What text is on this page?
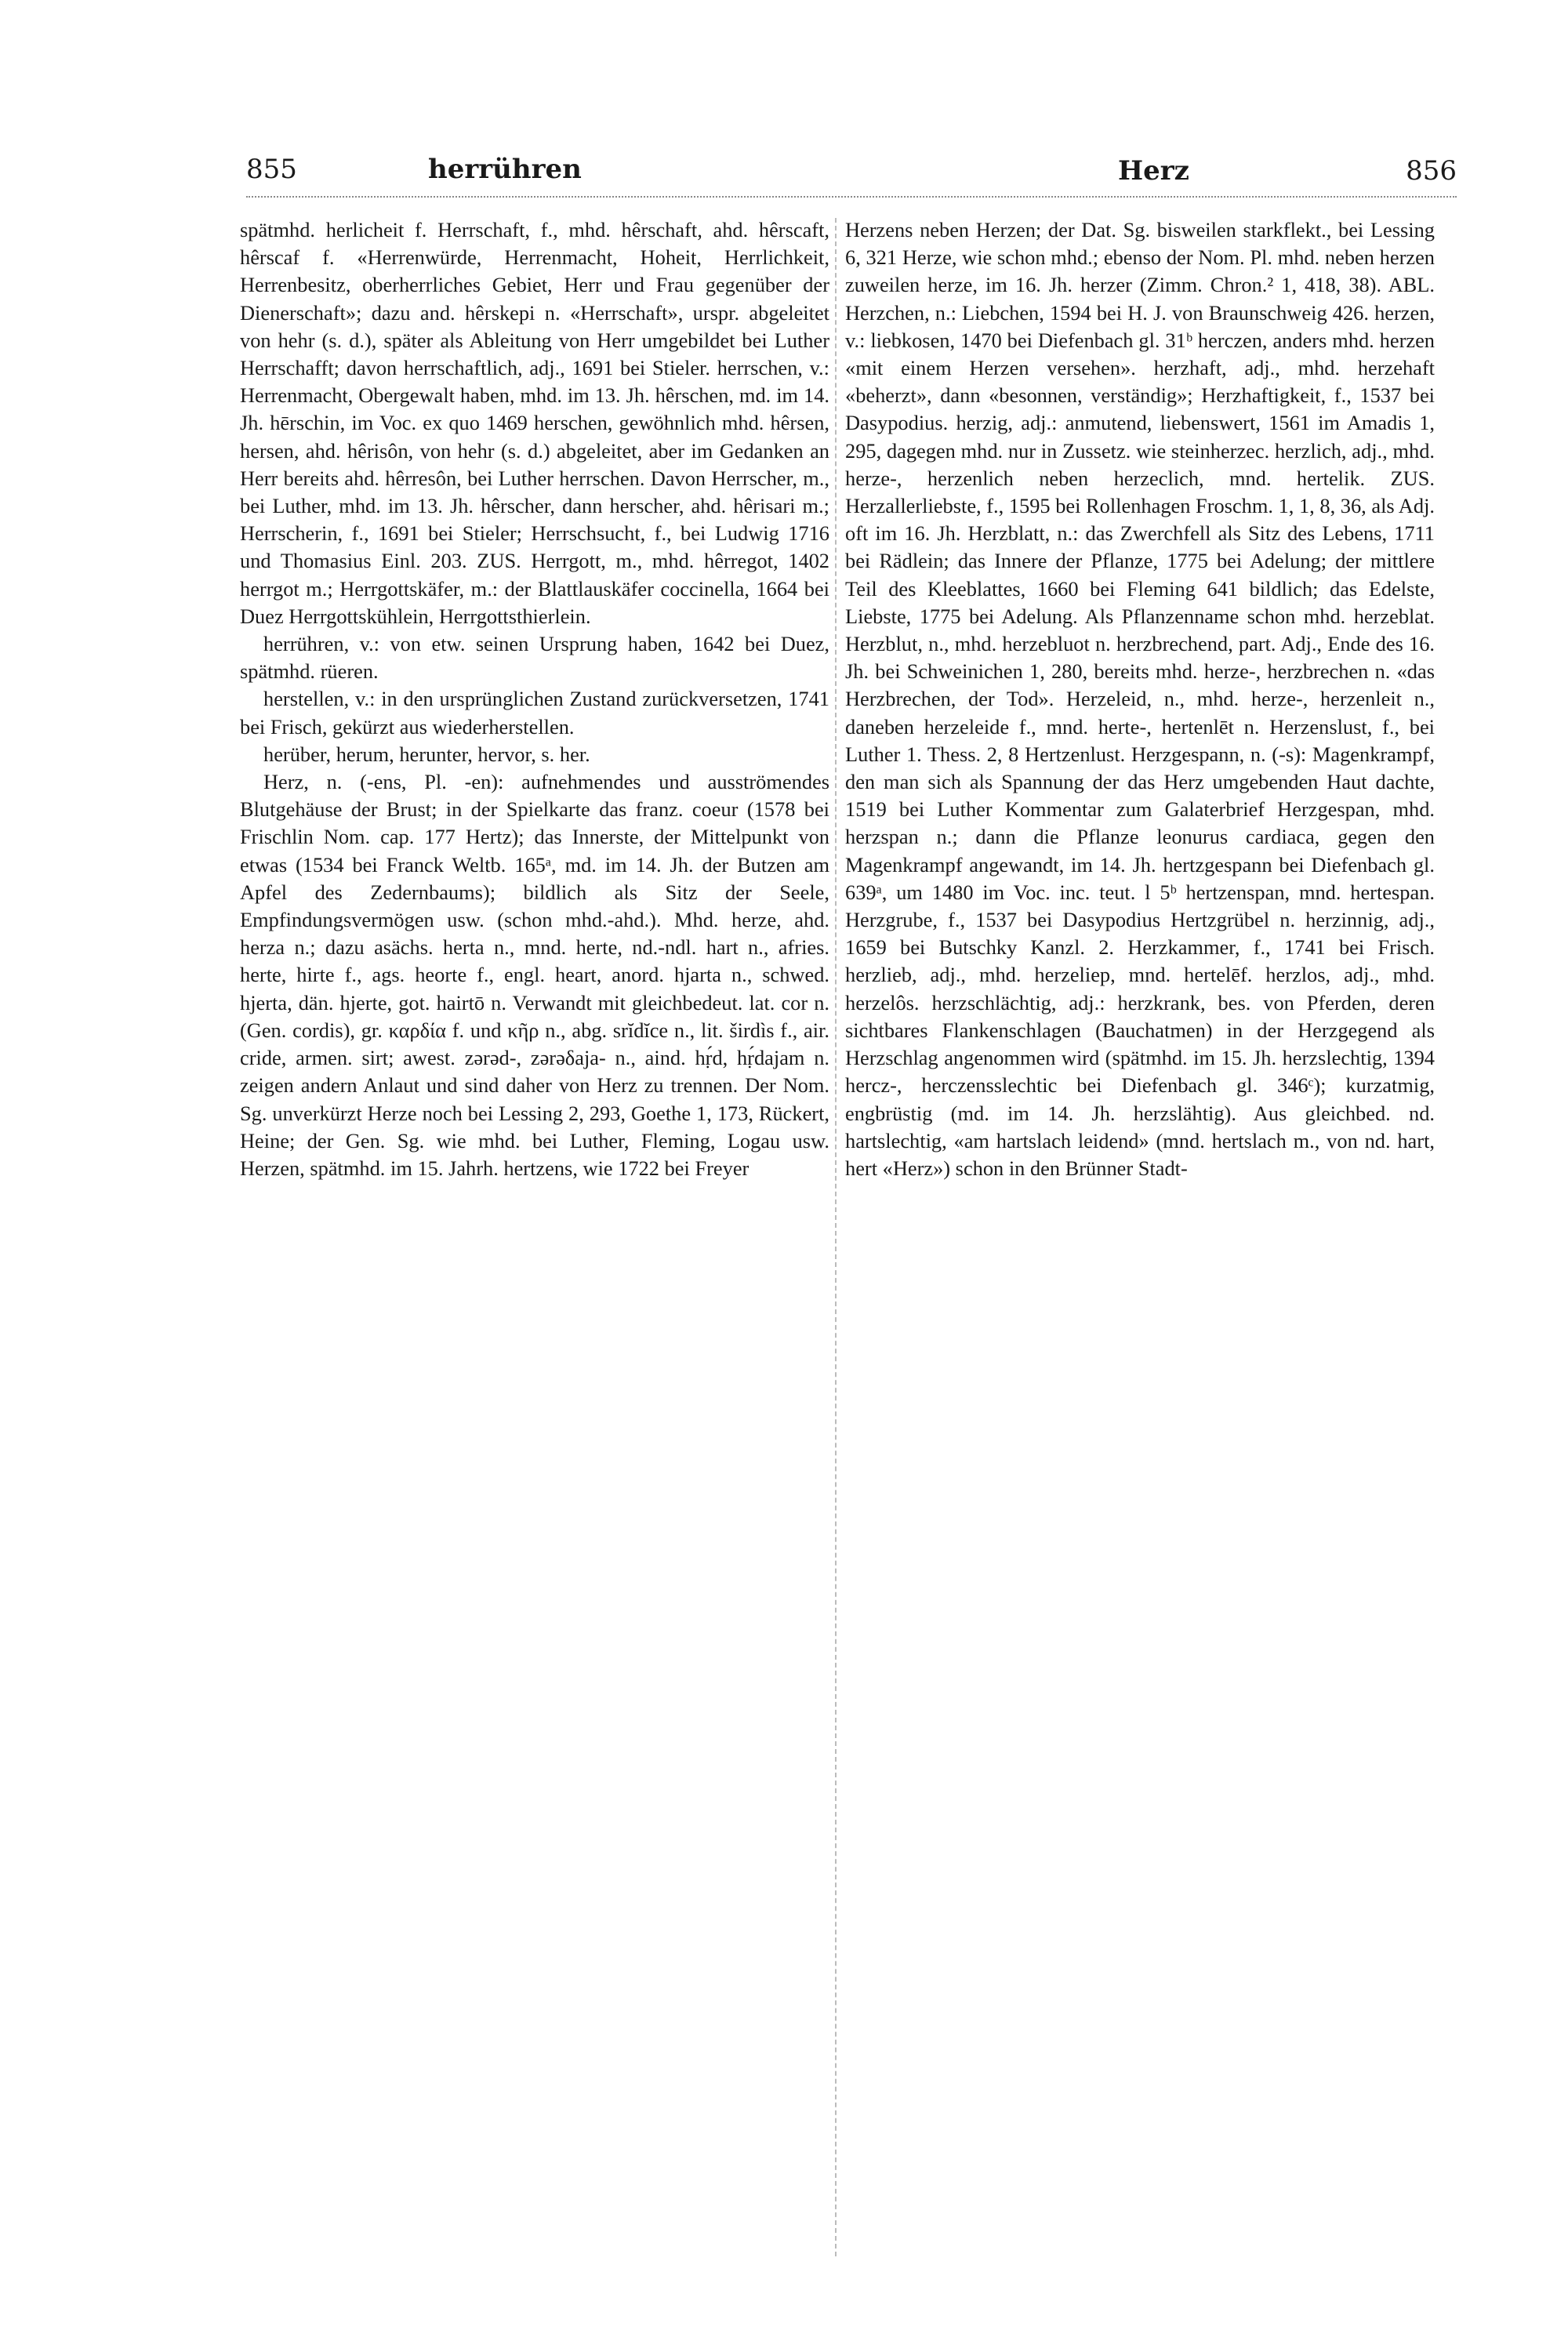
855	herrühren	Herz	856

spätmhd. herlicheit f. Herrschaft, f., mhd. hêrschaft, ahd. hêrscaft, hêrscaf f. «Herrenwürde, Herrenmacht, Hoheit, Herrlichkeit, Herrenbesitz, oberherrliches Gebiet, Herr und Frau gegenüber der Dienerschaft»; dazu and. hêrskepi n. «Herrschaft», urspr. abgeleitet von hehr (s. d.), später als Ableitung von Herr umgebildet bei Luther Herrschafft; davon herrschaftlich, adj., 1691 bei Stieler. herrschen, v.: Herrenmacht, Obergewalt haben, mhd. im 13. Jh. hêrschen, md. im 14. Jh. hērschin, im Voc. ex quo 1469 herschen, gewöhnlich mhd. hêrsen, hersen, ahd. hêrisôn, von hehr (s. d.) abgeleitet, aber im Gedanken an Herr bereits ahd. hêrresôn, bei Luther herrschen. Davon Herrscher, m., bei Luther, mhd. im 13. Jh. hêrscher, dann herscher, ahd. hêrisari m.; Herrscherin, f., 1691 bei Stieler; Herrschsucht, f., bei Ludwig 1716 und Thomasius Einl. 203. ZUS. Herrgott, m., mhd. hêrregot, 1402 herrgot m.; Herrgottskäfer, m.: der Blattlauskäfer coccinella, 1664 bei Duez Herrgottskühlein, Herrgottsthierlein.

herrühren, v.: von etw. seinen Ursprung haben, 1642 bei Duez, spätmhd. rüeren.

herstellen, v.: in den ursprünglichen Zustand zurückversetzen, 1741 bei Frisch, gekürzt aus wiederherstellen.

herüber, herum, herunter, hervor, s. her.

Herz, n. (-ens, Pl. -en): aufnehmendes und ausströmendes Blutgehäuse der Brust; in der Spielkarte das franz. coeur (1578 bei Frischlin Nom. cap. 177 Hertz); das Innerste, der Mittelpunkt von etwas (1534 bei Franck Weltb. 165ᵃ, md. im 14. Jh. der Butzen am Apfel des Zedernbaums); bildlich als Sitz der Seele, Empfindungsvermögen usw. (schon mhd.-ahd.). Mhd. herze, ahd. herza n.; dazu asächs. herta n., mnd. herte, nd.-ndl. hart n., afries. herte, hirte f., ags. heorte f., engl. heart, anord. hjarta n., schwed. hjerta, dän. hjerte, got. hairtō n. Verwandt mit gleichbedeut. lat. cor n. (Gen. cordis), gr. καρδία f. und κῆρ n., abg. srĭdĭce n., lit. širdìs f., air. cride, armen. sirt; awest. zərəd-, zərəδaja- n., aind. hṛ́d, hṛ́dajam n. zeigen andern Anlaut und sind daher von Herz zu trennen. Der Nom. Sg. unverkürzt Herze noch bei Lessing 2, 293, Goethe 1, 173, Rückert, Heine; der Gen. Sg. wie mhd. bei Luther, Fleming, Logau usw. Herzen, spätmhd. im 15. Jahrh. hertzens, wie 1722 bei Freyer

Herzens neben Herzen; der Dat. Sg. bisweilen starkflekt., bei Lessing 6, 321 Herze, wie schon mhd.; ebenso der Nom. Pl. mhd. neben herzen zuweilen herze, im 16. Jh. herzer (Zimm. Chron.² 1, 418, 38). ABL. Herzchen, n.: Liebchen, 1594 bei H. J. von Braunschweig 426. herzen, v.: liebkosen, 1470 bei Diefenbach gl. 31ᵇ herczen, anders mhd. herzen «mit einem Herzen versehen». herzhaft, adj., mhd. herzehaft «beherzt», dann «besonnen, verständig»; Herzhaftigkeit, f., 1537 bei Dasypodius. herzig, adj.: anmutend, liebenswert, 1561 im Amadis 1, 295, dagegen mhd. nur in Zussetz. wie steinherzec. herzlich, adj., mhd. herze-, herzenlich neben herzeclich, mnd. hertelik. ZUS. Herzallerliebste, f., 1595 bei Rollenhagen Froschm. 1, 1, 8, 36, als Adj. oft im 16. Jh. Herzblatt, n.: das Zwerchfell als Sitz des Lebens, 1711 bei Rädlein; das Innere der Pflanze, 1775 bei Adelung; der mittlere Teil des Kleeblattes, 1660 bei Fleming 641 bildlich; das Edelste, Liebste, 1775 bei Adelung. Als Pflanzenname schon mhd. herzeblat. Herzblut, n., mhd. herzebluot n. herzbrechend, part. Adj., Ende des 16. Jh. bei Schweinichen 1, 280, bereits mhd. herze-, herzbrechen n. «das Herzbrechen, der Tod». Herzeleid, n., mhd. herze-, herzenleit n., daneben herzeleide f., mnd. herte-, hertenlēt n. Herzenslust, f., bei Luther 1. Thess. 2, 8 Hertzenlust. Herzgespann, n. (-s): Magenkrampf, den man sich als Spannung der das Herz umgebenden Haut dachte, 1519 bei Luther Kommentar zum Galaterbrief Herzgespan, mhd. herzspan n.; dann die Pflanze leonurus cardiaca, gegen den Magenkrampf angewandt, im 14. Jh. hertzgespann bei Diefenbach gl. 639ᵃ, um 1480 im Voc. inc. teut. l 5ᵇ hertzenspan, mnd. hertespan. Herzgrube, f., 1537 bei Dasypodius Hertzgrübel n. herzinnig, adj., 1659 bei Butschky Kanzl. 2. Herzkammer, f., 1741 bei Frisch. herzlieb, adj., mhd. herzeliep, mnd. hertelēf. herzlos, adj., mhd. herzelôs. herzschlächtig, adj.: herzkrank, bes. von Pferden, deren sichtbares Flankenschlagen (Bauchatmen) in der Herzgegend als Herzschlag angenommen wird (spätmhd. im 15. Jh. herzslechtig, 1394 hercz-, herczensslechtic bei Diefenbach gl. 346ᶜ); kurzatmig, engbrüstig (md. im 14. Jh. herzslähtig). Aus gleichbed. nd. hartslechtig, «am hartslach leidend» (mnd. hertslach m., von nd. hart, hert «Herz») schon in den Brünner Stadt-
